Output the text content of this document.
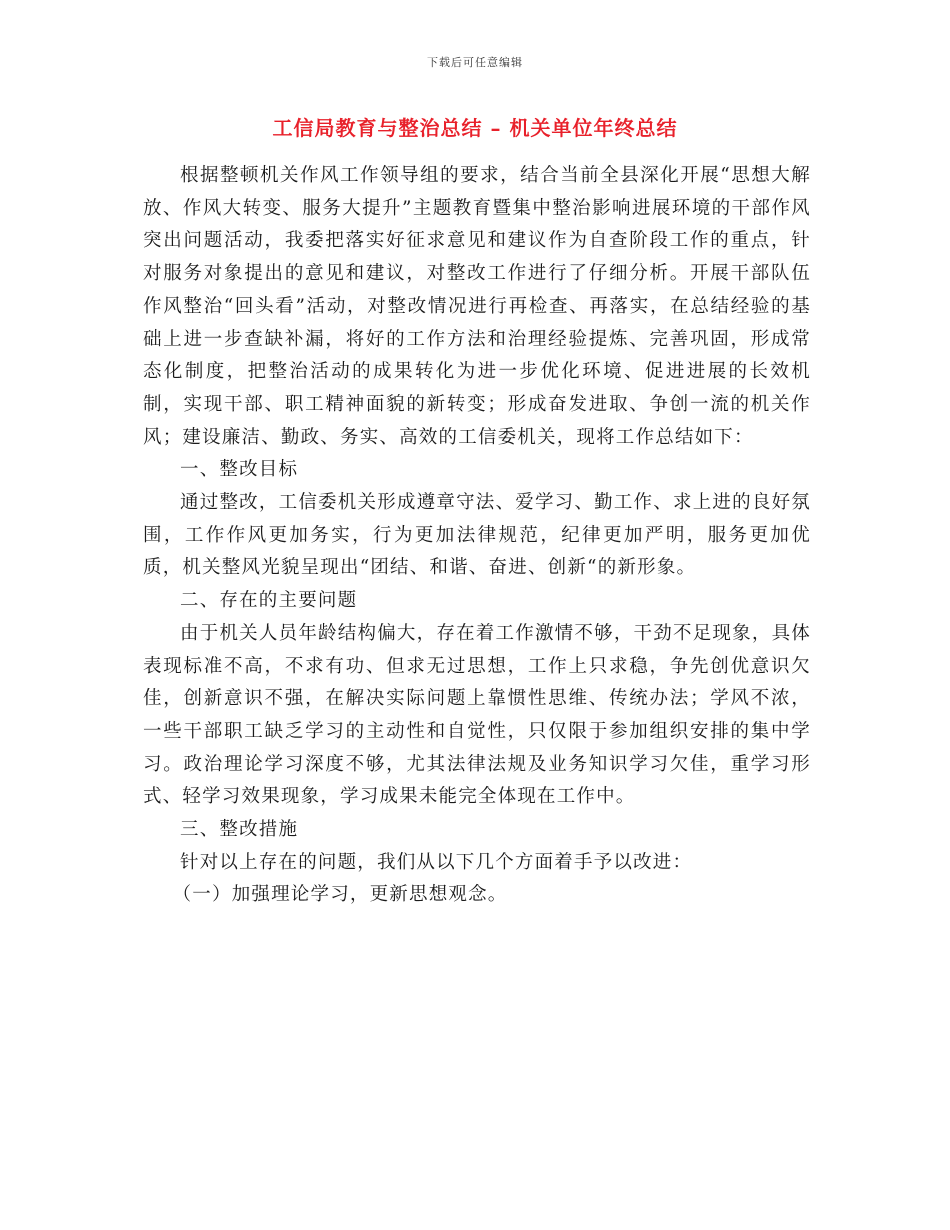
下载后可任意编辑
工信局教育与整治总结 – 机关单位年终总结

根据整顿机关作风工作领导组的要求，结合当前全县深化开展“思想大解放、作风大转变、服务大提升”主题教育暨集中整治影响进展环境的干部作风突出问题活动，我委把落实好征求意见和建议作为自查阶段工作的重点，针对服务对象提出的意见和建议，对整改工作进行了仔细分析。开展干部队伍作风整治“回头看”活动，对整改情况进行再检查、再落实，在总结经验的基础上进一步查缺补漏，将好的工作方法和治理经验提炼、完善巩固，形成常态化制度，把整治活动的成果转化为进一步优化环境、促进进展的长效机制，实现干部、职工精神面貌的新转变；形成奋发进取、争创一流的机关作风；建设廉洁、勤政、务实、高效的工信委机关，现将工作总结如下：

一、整改目标

通过整改，工信委机关形成遵章守法、爱学习、勤工作、求上进的良好氛围，工作作风更加务实，行为更加法律规范，纪律更加严明，服务更加优质，机关整风光貌呈现出“团结、和谐、奋进、创新“的新形象。

二、存在的主要问题

由于机关人员年龄结构偏大，存在着工作激情不够，干劲不足现象，具体表现标准不高，不求有功、但求无过思想，工作上只求稳，争先创优意识欠佳，创新意识不强，在解决实际问题上靠惯性思维、传统办法；学风不浓，一些干部职工缺乏学习的主动性和自觉性，只仅限于参加组织安排的集中学习。政治理论学习深度不够，尤其法律法规及业务知识学习欠佳，重学习形式、轻学习效果现象，学习成果未能完全体现在工作中。

三、整改措施

针对以上存在的问题，我们从以下几个方面着手予以改进：

（一）加强理论学习，更新思想观念。
